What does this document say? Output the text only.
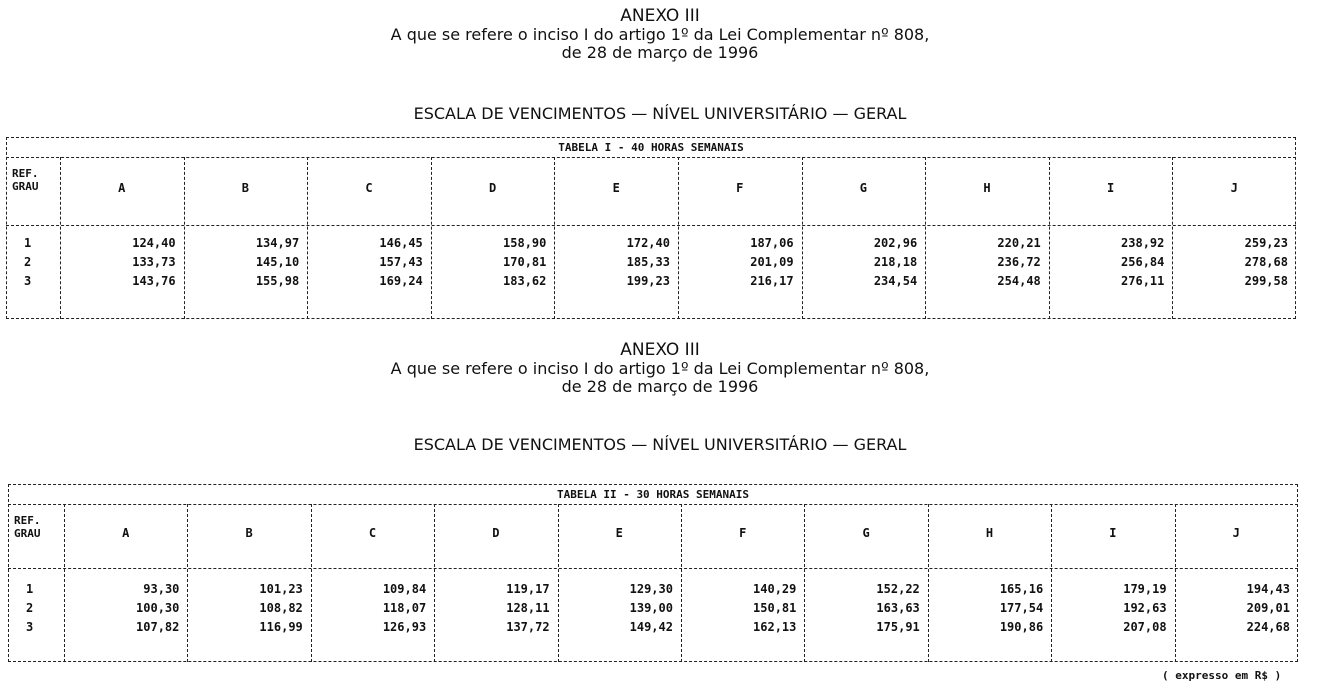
ANEXO III
A que se refere o inciso I do artigo 1º da Lei Complementar nº 808,
de 28 de março de 1996
ESCALA DE VENCIMENTOS — NÍVEL UNIVERSITÁRIO — GERAL
TABELA I - 40 HORAS SEMANAIS
REF.
GRAU	A	B	C	D	E	F	G	H	I	J
1	124,40	134,97	146,45	158,90	172,40	187,06	202,96	220,21	238,92	259,23
2	133,73	145,10	157,43	170,81	185,33	201,09	218,18	236,72	256,84	278,68
3	143,76	155,98	169,24	183,62	199,23	216,17	234,54	254,48	276,11	299,58
ANEXO III
A que se refere o inciso I do artigo 1º da Lei Complementar nº 808,
de 28 de março de 1996
ESCALA DE VENCIMENTOS — NÍVEL UNIVERSITÁRIO — GERAL
TABELA II - 30 HORAS SEMANAIS
REF.
GRAU	A	B	C	D	E	F	G	H	I	J
1	93,30	101,23	109,84	119,17	129,30	140,29	152,22	165,16	179,19	194,43
2	100,30	108,82	118,07	128,11	139,00	150,81	163,63	177,54	192,63	209,01
3	107,82	116,99	126,93	137,72	149,42	162,13	175,91	190,86	207,08	224,68
( expresso em R$ )
